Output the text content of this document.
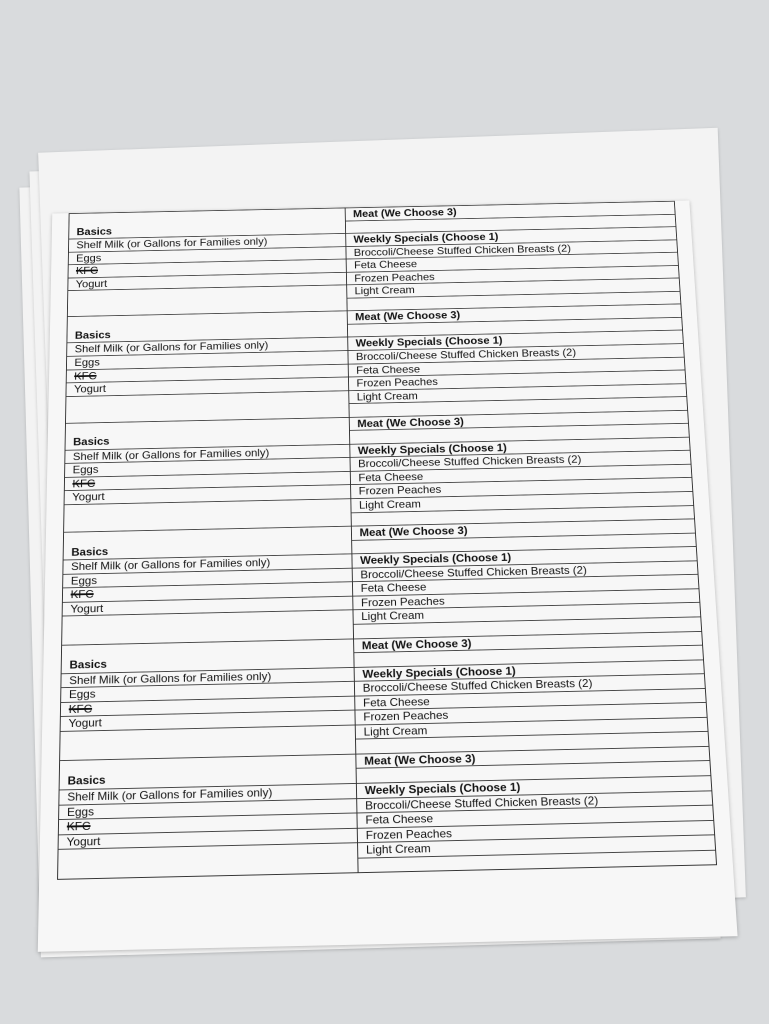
Basics
Shelf Milk (or Gallons for Families only)
Eggs
KFC
Yogurt
Basics
Shelf Milk (or Gallons for Families only)
Eggs
KFC
Yogurt
Basics
Shelf Milk (or Gallons for Families only)
Eggs
KFC
Yogurt
Basics
Shelf Milk (or Gallons for Families only)
Eggs
KFC
Yogurt
Basics
Shelf Milk (or Gallons for Families only)
Eggs
KFC
Yogurt
Basics
Shelf Milk (or Gallons for Families only)
Eggs
KFC
Yogurt
Meat (We Choose 3)
Weekly Specials (Choose 1)
Broccoli/Cheese Stuffed Chicken Breasts (2)
Feta Cheese
Frozen Peaches
Light Cream
Meat (We Choose 3)
Weekly Specials (Choose 1)
Broccoli/Cheese Stuffed Chicken Breasts (2)
Feta Cheese
Frozen Peaches
Light Cream
Meat (We Choose 3)
Weekly Specials (Choose 1)
Broccoli/Cheese Stuffed Chicken Breasts (2)
Feta Cheese
Frozen Peaches
Light Cream
Meat (We Choose 3)
Weekly Specials (Choose 1)
Broccoli/Cheese Stuffed Chicken Breasts (2)
Feta Cheese
Frozen Peaches
Light Cream
Meat (We Choose 3)
Weekly Specials (Choose 1)
Broccoli/Cheese Stuffed Chicken Breasts (2)
Feta Cheese
Frozen Peaches
Light Cream
Meat (We Choose 3)
Weekly Specials (Choose 1)
Broccoli/Cheese Stuffed Chicken Breasts (2)
Feta Cheese
Frozen Peaches
Light Cream
